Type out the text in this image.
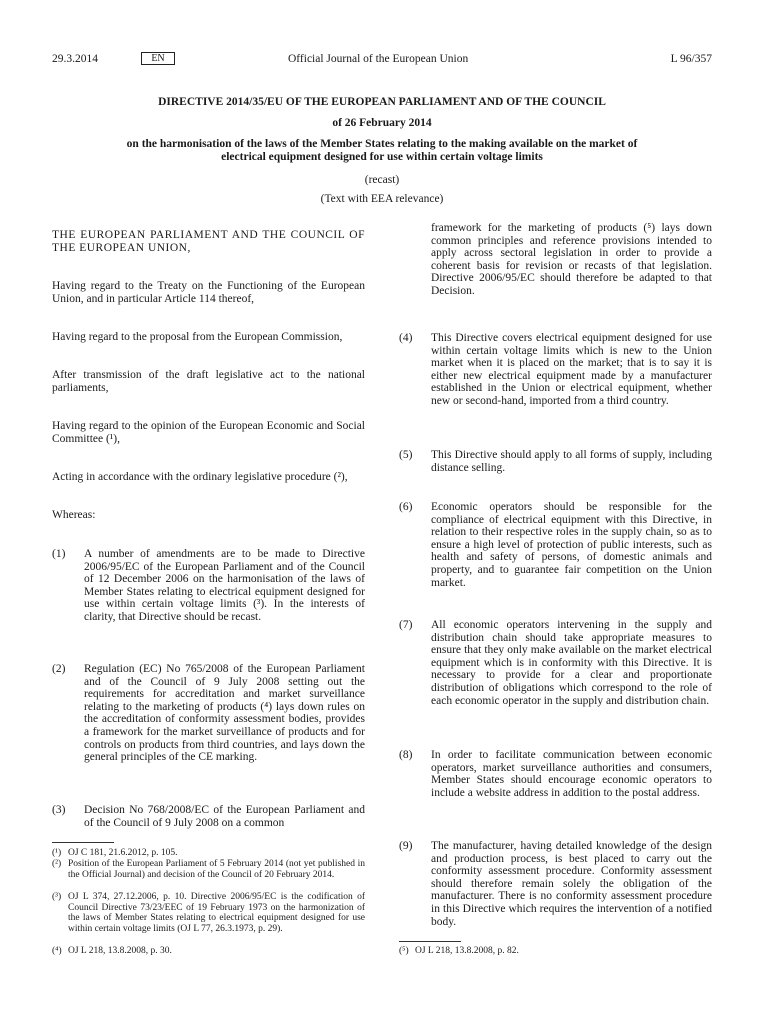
29.3.2014	EN	Official Journal of the European Union	L 96/357
DIRECTIVE 2014/35/EU OF THE EUROPEAN PARLIAMENT AND OF THE COUNCIL
of 26 February 2014
on the harmonisation of the laws of the Member States relating to the making available on the market of electrical equipment designed for use within certain voltage limits
(recast)
(Text with EEA relevance)
THE EUROPEAN PARLIAMENT AND THE COUNCIL OF THE EUROPEAN UNION,
Having regard to the Treaty on the Functioning of the European Union, and in particular Article 114 thereof,
Having regard to the proposal from the European Commission,
After transmission of the draft legislative act to the national parliaments,
Having regard to the opinion of the European Economic and Social Committee (¹),
Acting in accordance with the ordinary legislative procedure (²),
Whereas:
(1)	A number of amendments are to be made to Directive 2006/95/EC of the European Parliament and of the Council of 12 December 2006 on the harmonisation of the laws of Member States relating to electrical equipment designed for use within certain voltage limits (³). In the interests of clarity, that Directive should be recast.
(2)	Regulation (EC) No 765/2008 of the European Parliament and of the Council of 9 July 2008 setting out the requirements for accreditation and market surveillance relating to the marketing of products (⁴) lays down rules on the accreditation of conformity assessment bodies, provides a framework for the market surveillance of products and for controls on products from third countries, and lays down the general principles of the CE marking.
(3)	Decision No 768/2008/EC of the European Parliament and of the Council of 9 July 2008 on a common
(¹) OJ C 181, 21.6.2012, p. 105.
(²) Position of the European Parliament of 5 February 2014 (not yet published in the Official Journal) and decision of the Council of 20 February 2014.
(³) OJ L 374, 27.12.2006, p. 10. Directive 2006/95/EC is the codification of Council Directive 73/23/EEC of 19 February 1973 on the harmonization of the laws of Member States relating to electrical equipment designed for use within certain voltage limits (OJ L 77, 26.3.1973, p. 29).
(⁴) OJ L 218, 13.8.2008, p. 30.
framework for the marketing of products (⁵) lays down common principles and reference provisions intended to apply across sectoral legislation in order to provide a coherent basis for revision or recasts of that legislation. Directive 2006/95/EC should therefore be adapted to that Decision.
(4)	This Directive covers electrical equipment designed for use within certain voltage limits which is new to the Union market when it is placed on the market; that is to say it is either new electrical equipment made by a manufacturer established in the Union or electrical equipment, whether new or second-hand, imported from a third country.
(5)	This Directive should apply to all forms of supply, including distance selling.
(6)	Economic operators should be responsible for the compliance of electrical equipment with this Directive, in relation to their respective roles in the supply chain, so as to ensure a high level of protection of public interests, such as health and safety of persons, of domestic animals and property, and to guarantee fair competition on the Union market.
(7)	All economic operators intervening in the supply and distribution chain should take appropriate measures to ensure that they only make available on the market electrical equipment which is in conformity with this Directive. It is necessary to provide for a clear and proportionate distribution of obligations which correspond to the role of each economic operator in the supply and distribution chain.
(8)	In order to facilitate communication between economic operators, market surveillance authorities and consumers, Member States should encourage economic operators to include a website address in addition to the postal address.
(9)	The manufacturer, having detailed knowledge of the design and production process, is best placed to carry out the conformity assessment procedure. Conformity assessment should therefore remain solely the obligation of the manufacturer. There is no conformity assessment procedure in this Directive which requires the intervention of a notified body.
(⁵) OJ L 218, 13.8.2008, p. 82.
